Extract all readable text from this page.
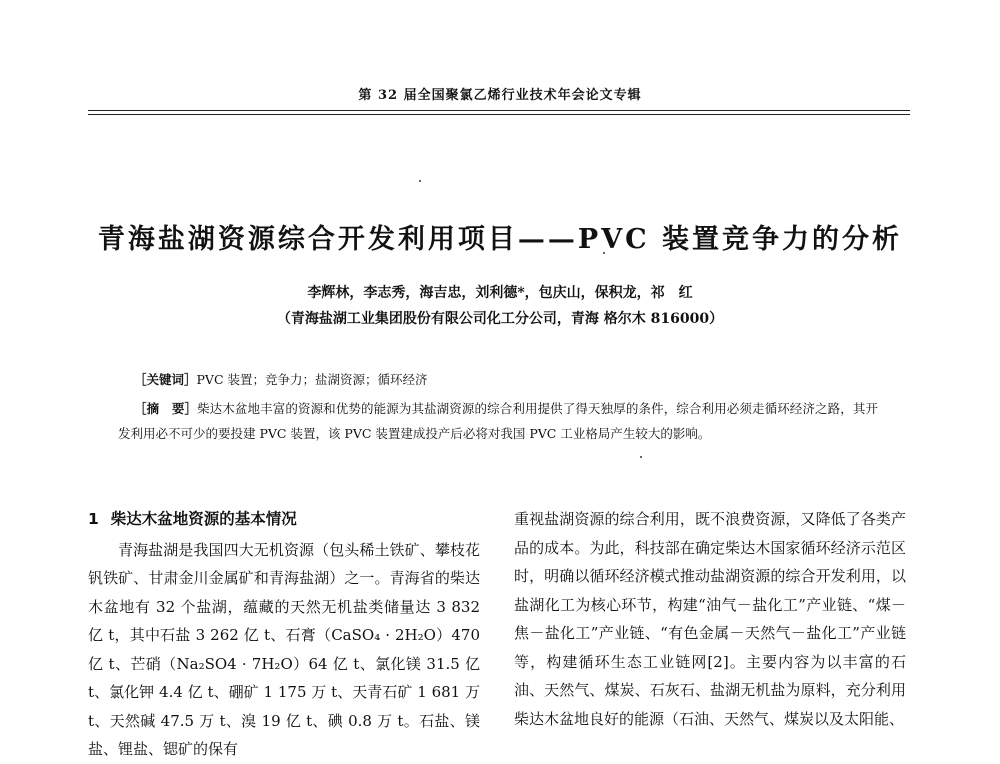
第 32 届全国聚氯乙烯行业技术年会论文专辑
青海盐湖资源综合开发利用项目——PVC 装置竞争力的分析
李辉林，李志秀，海吉忠，刘利德*，包庆山，保积龙，祁　红
（青海盐湖工业集团股份有限公司化工分公司，青海 格尔木 816000）
［关键词］PVC 装置；竞争力；盐湖资源；循环经济
［摘　要］柴达木盆地丰富的资源和优势的能源为其盐湖资源的综合利用提供了得天独厚的条件，综合利用必须走循环经济之路，其开发利用必不可少的要投建 PVC 装置，该 PVC 装置建成投产后必将对我国 PVC 工业格局产生较大的影响。
1 柴达木盆地资源的基本情况

青海盐湖是我国四大无机资源（包头稀土铁矿、攀枝花钒铁矿、甘肃金川金属矿和青海盐湖）之一。青海省的柴达木盆地有 32 个盐湖，蕴藏的天然无机盐类储量达 3 832 亿 t，其中石盐 3 262 亿 t、石膏（CaSO₄ · 2H₂O）470 亿 t、芒硝（Na₂SO4 · 7H₂O）64 亿 t、氯化镁 31.5 亿 t、氯化钾 4.4 亿 t、硼矿 1 175 万 t、天青石矿 1 681 万 t、天然碱 47.5 万 t、溴 19 亿 t、碘 0.8 万 t。石盐、镁盐、锂盐、锶矿的保有

重视盐湖资源的综合利用，既不浪费资源，又降低了各类产品的成本。为此，科技部在确定柴达木国家循环经济示范区时，明确以循环经济模式推动盐湖资源的综合开发利用，以盐湖化工为核心环节，构建“油气－盐化工”产业链、“煤－焦－盐化工”产业链、“有色金属－天然气－盐化工”产业链等，构建循环生态工业链网[2]。主要内容为以丰富的石油、天然气、煤炭、石灰石、盐湖无机盐为原料，充分利用柴达木盆地良好的能源（石油、天然气、煤炭以及太阳能、
